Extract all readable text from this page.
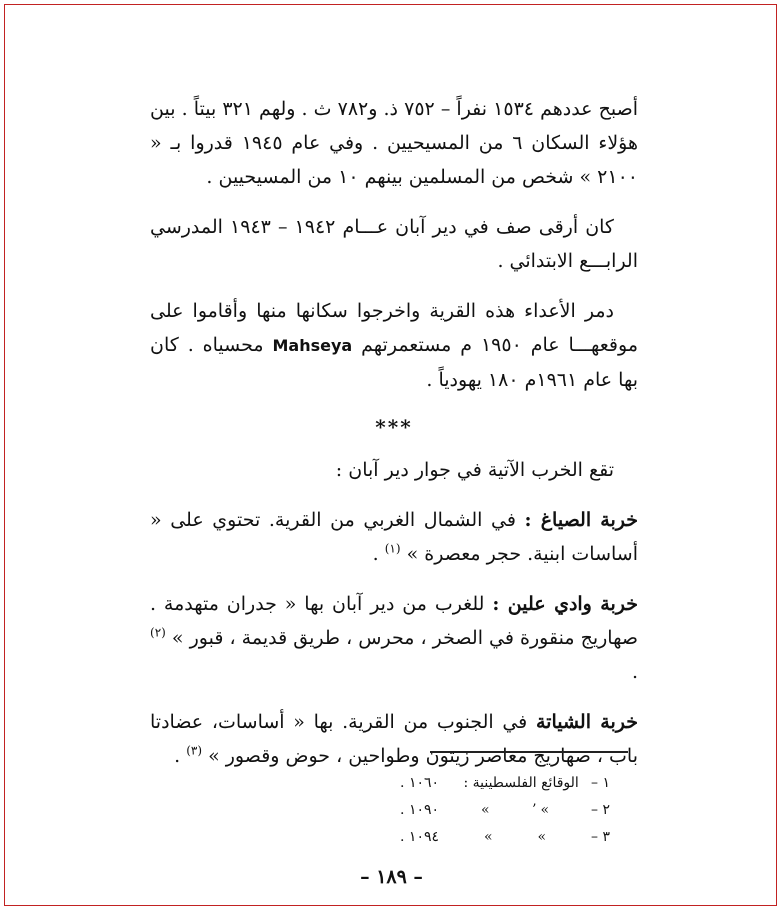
أصبح عددهم ١٥٣٤ نفراً – ٧٥٢ ذ. و٧٨٢ ث . ولهم ٣٢١ بيتاً . بين هؤلاء السكان ٦ من المسيحيين . وفي عام ١٩٤٥ قدروا بـ « ٢١٠٠ » شخص من المسلمين بينهم ١٠ من المسيحيين .

كان أرقى صف في دير آبان عـــام ١٩٤٢ – ١٩٤٣ المدرسي الرابـــع الابتدائي .

دمر الأعداء هذه القرية واخرجوا سكانها منها وأقاموا على موقعهـــا عام ١٩٥٠ م مستعمرتهم Mahseya محسياه . كان بها عام ١٩٦١م ١٨٠ يهودياً .

***

تقع الخرب الآتية في جوار دير آبان :

خربة الصياغ : في الشمال الغربي من القرية. تحتوي على « أساسات ابنية. حجر معصرة » $^{(١)}$ .

خربة وادي علين : للغرب من دير آبان بها « جدران متهدمة . صهاريج منقورة في الصخر ، محرس ، طريق قديمة ، قبور » $^{(٢)}$ .

خربة الشياتة في الجنوب من القرية. بها « أساسات، عضادتا باب ، صهاريج معاصر زيتون وطواحين ، حوض وقصور » $^{(٣)}$ .

١ –
الوقائع الفلسطينية :
١٠٦٠ .
٢ –
» ʼ
»
١٠٩٠ .
٣ –
»
»
١٠٩٤ .
– ١٨٩ –
